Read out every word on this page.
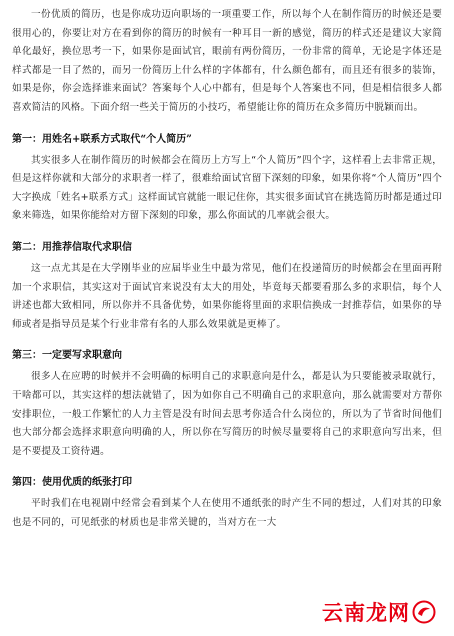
一份优质的简历，也是你成功迈向职场的一项重要工作，所以每个人在制作简历的时候还是要很用心的，你要让对方在看到你的简历的时候有一种耳目一新的感觉，简历的样式还是建议大家简单化最好，换位思考一下，如果你是面试官，眼前有两份简历，一份非常的简单，无论是字体还是样式都是一目了然的，而另一份简历上什么样的字体都有，什么颜色都有，而且还有很多的装饰，如果是你，你会选择谁来面试？答案每个人心中都有，但是每个人答案也不同，但是相信很多人都喜欢简洁的风格。下面介绍一些关于简历的小技巧，希望能让你的简历在众多简历中脱颖而出。

第一：用姓名+联系方式取代“个人简历”

其实很多人在制作简历的时候都会在简历上方写上“个人简历”四个字，这样看上去非常正规，但是这样你就和大部分的求职者一样了，很难给面试官留下深刻的印象，如果你将“个人简历”四个大字换成「姓名+联系方式」这样面试官就能一眼记住你，其实很多面试官在挑选简历时都是通过印象来筛选，如果你能给对方留下深刻的印象，那么你面试的几率就会很大。

第二：用推荐信取代求职信

这一点尤其是在大学刚毕业的应届毕业生中最为常见，他们在投递简历的时候都会在里面再附加一个求职信，其实这对于面试官来说没有太大的用处，毕竟每天都要看那么多的求职信，每个人讲述也都大致相同，所以你并不具备优势，如果你能将里面的求职信换成一封推荐信，如果你的导师或者是指导员是某个行业非常有名的人那么效果就是更棒了。

第三：一定要写求职意向

很多人在应聘的时候并不会明确的标明自己的求职意向是什么，都是认为只要能被录取就行，干啥都可以，其实这样的想法就错了，因为如你自己不明确自己的求职意向，那么就需要对方帮你安排职位，一般工作繁忙的人力主管是没有时间去思考你适合什么岗位的，所以为了节省时间他们也大部分都会选择求职意向明确的人，所以你在写简历的时候尽量要将自己的求职意向写出来，但是不要提及工资待遇。

第四：使用优质的纸张打印

平时我们在电视剧中经常会看到某个人在使用不通纸张的时产生不同的想过，人们对其的印象也是不同的，可见纸张的材质也是非常关键的，当对方在一大

云南龙网
